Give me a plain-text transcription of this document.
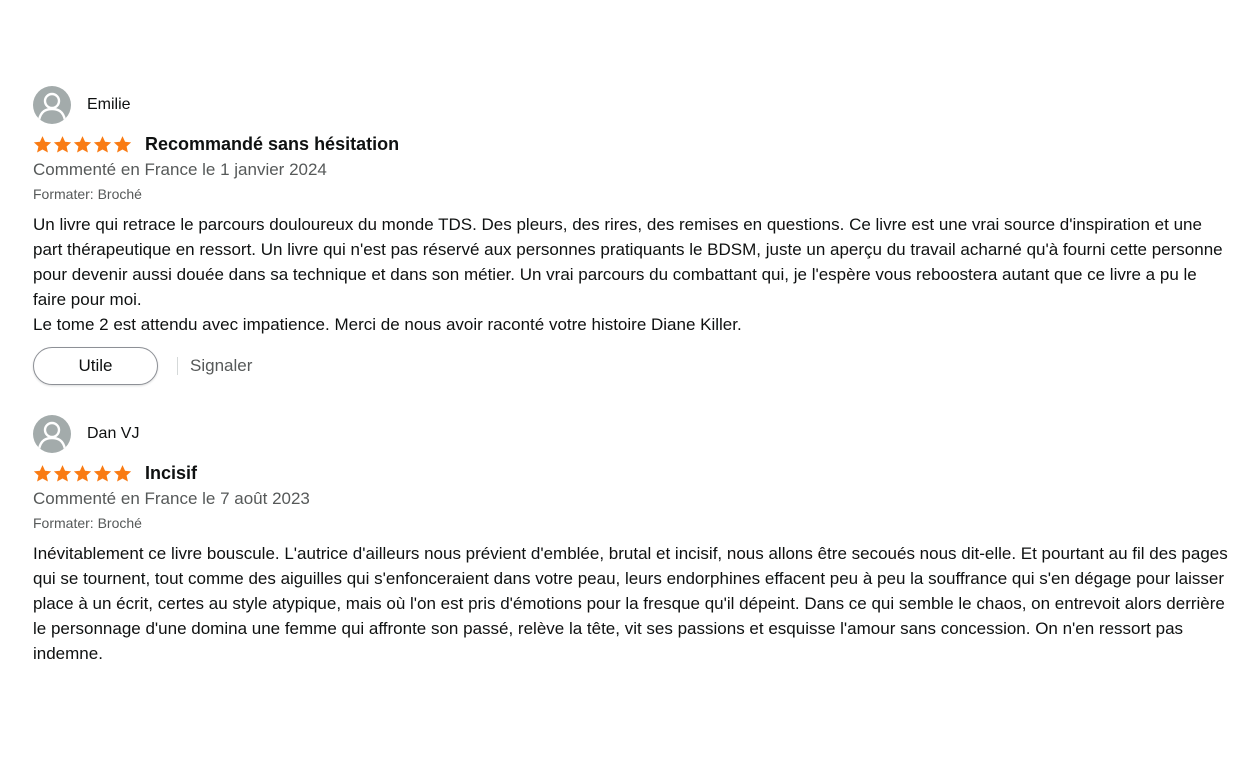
Emilie
Recommandé sans hésitation
Commenté en France le 1 janvier 2024
Formater: Broché

Un livre qui retrace le parcours douloureux du monde TDS. Des pleurs, des rires, des remises en questions. Ce livre est une vrai source d'inspiration et une part thérapeutique en ressort. Un livre qui n'est pas réservé aux personnes pratiquants le BDSM, juste un aperçu du travail acharné qu'à fourni cette personne pour devenir aussi douée dans sa technique et dans son métier. Un vrai parcours du combattant qui, je l'espère vous reboostera autant que ce livre a pu le faire pour moi.

Le tome 2 est attendu avec impatience. Merci de nous avoir raconté votre histoire Diane Killer.

Utile	Signaler
Dan VJ
Incisif
Commenté en France le 7 août 2023
Formater: Broché

Inévitablement ce livre bouscule. L'autrice d'ailleurs nous prévient d'emblée, brutal et incisif, nous allons être secoués nous dit-elle. Et pourtant au fil des pages qui se tournent, tout comme des aiguilles qui s'enfonceraient dans votre peau, leurs endorphines effacent peu à peu la souffrance qui s'en dégage pour laisser place à un écrit, certes au style atypique, mais où l'on est pris d'émotions pour la fresque qu'il dépeint. Dans ce qui semble le chaos, on entrevoit alors derrière le personnage d'une domina une femme qui affronte son passé, relève la tête, vit ses passions et esquisse l'amour sans concession. On n'en ressort pas indemne.
